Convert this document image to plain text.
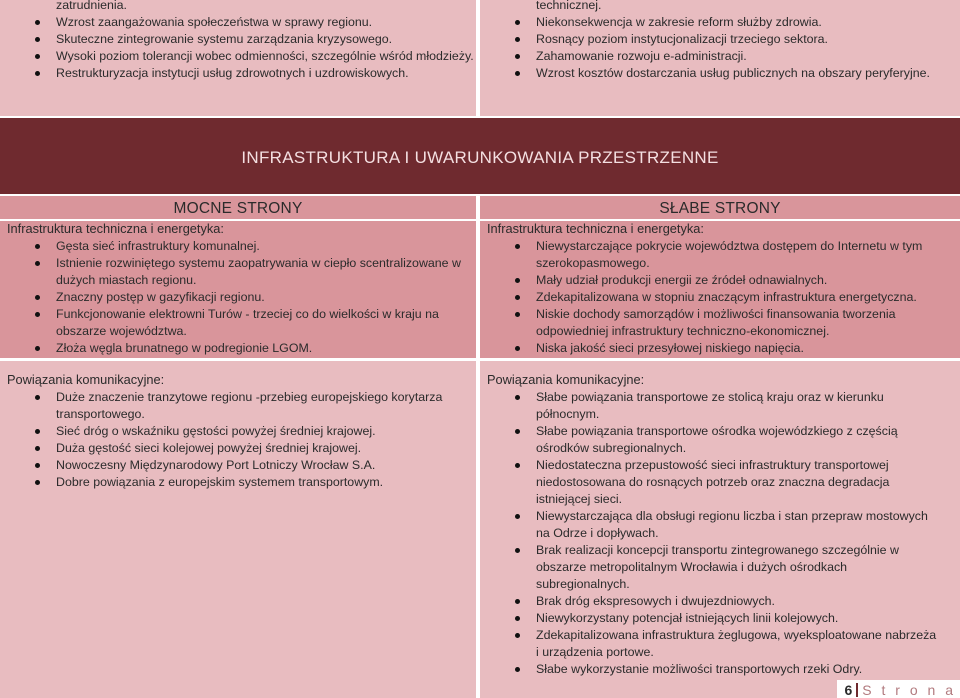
zatrudnienia.
Wzrost zaangażowania społeczeństwa w sprawy regionu.
Skuteczne zintegrowanie systemu zarządzania kryzysowego.
Wysoki poziom tolerancji wobec odmienności, szczególnie wśród młodzieży.
Restrukturyzacja instytucji usług zdrowotnych i uzdrowiskowych.
technicznej.
Niekonsekwencja w zakresie reform służby zdrowia.
Rosnący poziom instytucjonalizacji trzeciego sektora.
Zahamowanie rozwoju e-administracji.
Wzrost kosztów dostarczania usług publicznych na obszary peryferyjne.
INFRASTRUKTURA I UWARUNKOWANIA PRZESTRZENNE
MOCNE STRONY
Infrastruktura techniczna i energetyka:
Gęsta sieć infrastruktury komunalnej.
Istnienie rozwiniętego systemu zaopatrywania w ciepło scentralizowane w dużych miastach regionu.
Znaczny postęp w gazyfikacji regionu.
Funkcjonowanie elektrowni Turów - trzeciej co do wielkości w kraju na obszarze województwa.
Złoża węgla brunatnego w podregionie LGOM.
Powiązania komunikacyjne:
Duże znaczenie tranzytowe regionu -przebieg europejskiego korytarza transportowego.
Sieć dróg o wskaźniku gęstości powyżej średniej krajowej.
Duża gęstość sieci kolejowej powyżej średniej krajowej.
Nowoczesny Międzynarodowy Port Lotniczy Wrocław S.A.
Dobre powiązania z europejskim systemem transportowym.
SŁABE STRONY
Infrastruktura techniczna i energetyka:
Niewystarczające pokrycie województwa dostępem do Internetu w tym szerokopasmowego.
Mały udział produkcji energii ze źródeł odnawialnych.
Zdekapitalizowana w stopniu znaczącym infrastruktura energetyczna.
Niskie dochody samorządów i możliwości finansowania tworzenia odpowiedniej infrastruktury techniczno-ekonomicznej.
Niska jakość sieci przesyłowej niskiego napięcia.
Powiązania komunikacyjne:
Słabe powiązania transportowe ze stolicą kraju oraz w kierunku północnym.
Słabe powiązania transportowe ośrodka wojewódzkiego z częścią ośrodków subregionalnych.
Niedostateczna przepustowość sieci infrastruktury transportowej niedostosowana do rosnących potrzeb oraz znaczna degradacja istniejącej sieci.
Niewystarczająca dla obsługi regionu liczba i stan przepraw mostowych na Odrze i dopływach.
Brak realizacji koncepcji transportu zintegrowanego szczególnie w obszarze metropolitalnym Wrocławia i dużych ośrodkach subregionalnych.
Brak dróg ekspresowych i dwujezdniowych.
Niewykorzystany potencjał istniejących linii kolejowych.
Zdekapitalizowana infrastruktura żeglugowa, wyeksploatowane nabrzeża i urządzenia portowe.
Słabe wykorzystanie możliwości transportowych rzeki Odry.
6 S t r o n a
